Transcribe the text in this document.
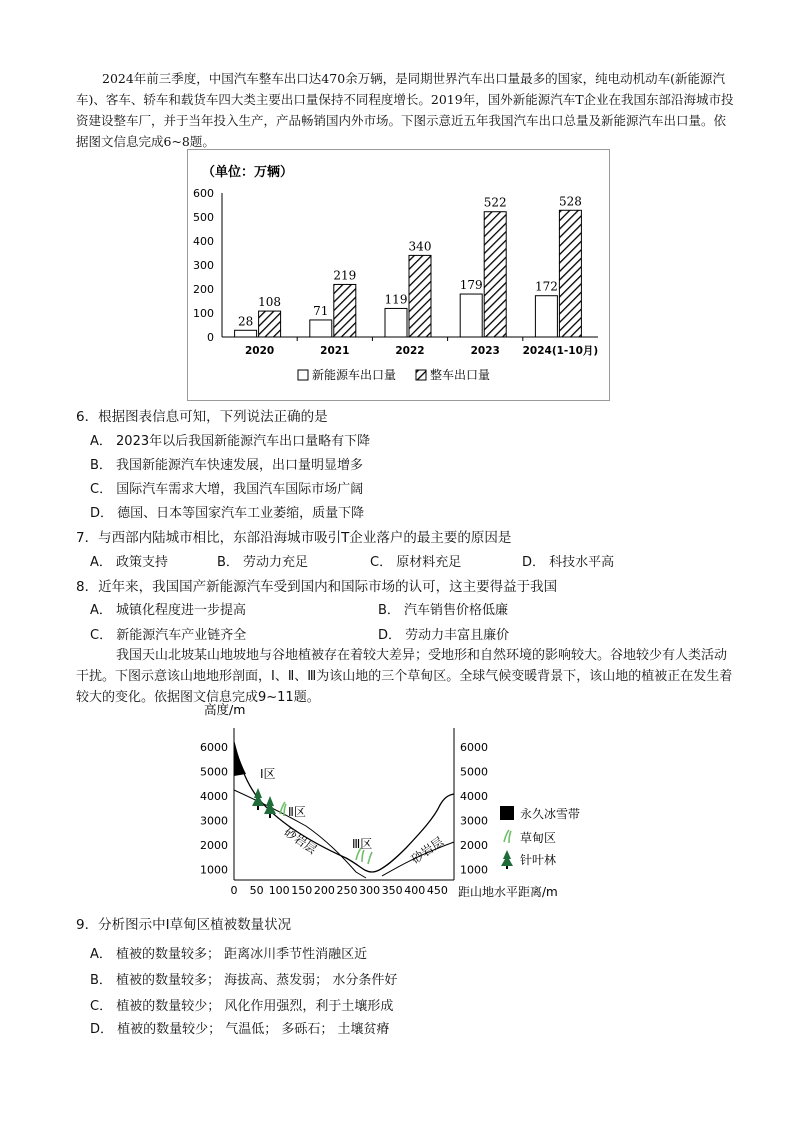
2024年前三季度，中国汽车整车出口达470余万辆，是同期世界汽车出口量最多的国家，纯电动机动车(新能源汽车)、客车、轿车和载货车四大类主要出口量保持不同程度增长。2019年，国外新能源汽车T企业在我国东部沿海城市投资建设整车厂，并于当年投入生产，产品畅销国内外市场。下图示意近五年我国汽车出口总量及新能源汽车出口量。依据图文信息完成6~8题。
（单位：万辆）
0
100
200
300
400
500
600
28
108
71
219
119
340
179
522
172
528
2020	2021	2022	2023 2024(1-10月)
新能源车出口量	整车出口量
6．根据图表信息可知，下列说法正确的是
A． 2023年以后我国新能源汽车出口量略有下降
B． 我国新能源汽车快速发展，出口量明显增多
C． 国际汽车需求大增，我国汽车国际市场广阔
D． 德国、日本等国家汽车工业萎缩，质量下降
7．与西部内陆城市相比，东部沿海城市吸引T企业落户的最主要的原因是
A． 政策支持	B． 劳动力充足	C． 原材料充足	D． 科技水平高
8．近年来，我国国产新能源汽车受到国内和国际市场的认可，这主要得益于我国
A． 城镇化程度进一步提高	B． 汽车销售价格低廉
C． 新能源汽车产业链齐全	D． 劳动力丰富且廉价
我国天山北坡某山地坡地与谷地植被存在着较大差异；受地形和自然环境的影响较大。谷地较少有人类活动干扰。下图示意该山地地形剖面，Ⅰ、Ⅱ、Ⅲ为该山地的三个草甸区。全球气候变暖背景下，该山地的植被正在发生着较大的变化。依据图文信息完成9~11题。
高度/m
1000
2000
3000
4000
5000
6000
1000
2000
3000
4000
5000
6000
0 50 100 150 200 250 300 350 400 450
Ⅰ区
Ⅱ区
Ⅲ区
砂岩层	砂岩层
永久冰雪带
草甸区
针叶林
距山地水平距离/m
9．分析图示中Ⅰ草甸区植被数量状况
A． 植被的数量较多； 距离冰川季节性消融区近
B． 植被的数量较多； 海拔高、蒸发弱； 水分条件好
C． 植被的数量较少； 风化作用强烈，利于土壤形成
D． 植被的数量较少； 气温低； 多砾石； 土壤贫瘠
